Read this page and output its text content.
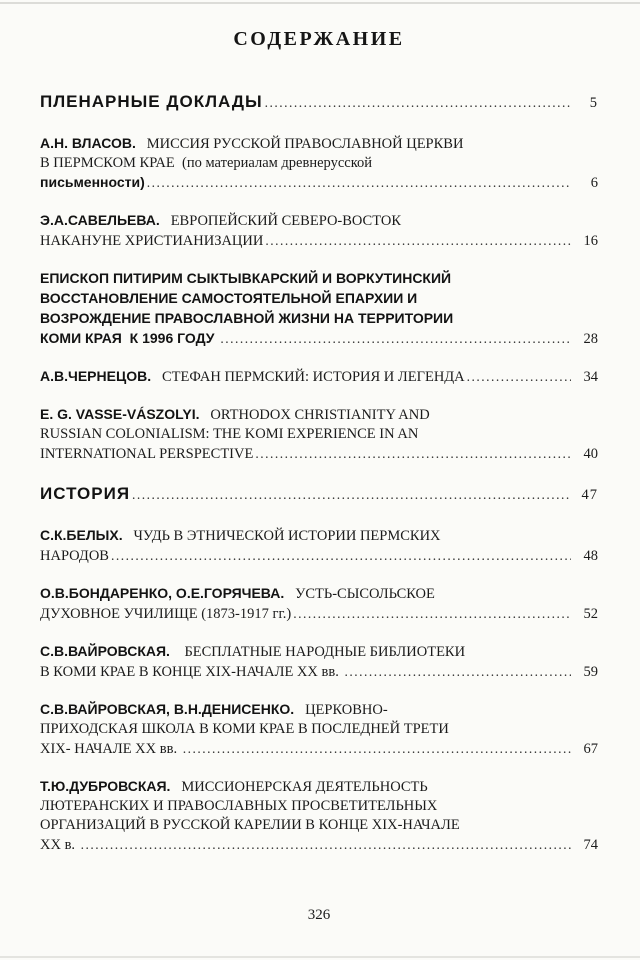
СОДЕРЖАНИЕ
ПЛЕНАРНЫЕ ДОКЛАДЫ .....	5
А.Н. ВЛАСОВ.   МИССИЯ РУССКОЙ ПРАВОСЛАВНОЙ ЦЕРКВИ
В ПЕРМСКОМ КРАЕ  (по материалам древнерусской
письменности) .....	6
Э.А.САВЕЛЬЕВА.   ЕВРОПЕЙСКИЙ СЕВЕРО-ВОСТОК
НАКАНУНЕ ХРИСТИАНИЗАЦИИ .....	16
ЕПИСКОП ПИТИРИМ СЫКТЫВКАРСКИЙ И ВОРКУТИНСКИЙ
ВОССТАНОВЛЕНИЕ САМОСТОЯТЕЛЬНОЙ ЕПАРХИИ И
ВОЗРОЖДЕНИЕ ПРАВОСЛАВНОЙ ЖИЗНИ НА ТЕРРИТОРИИ
КОМИ КРАЯ  К 1996 ГОДУ .....	28
А.В.ЧЕРНЕЦОВ.   СТЕФАН ПЕРМСКИЙ: ИСТОРИЯ И ЛЕГЕНДА .....	34
E. G. VASSE-VÁSZOLYI.   ORTHODOX CHRISTIANITY AND
RUSSIAN COLONIALISM: THE KOMI EXPERIENCE IN AN
INTERNATIONAL PERSPECTIVE .....	40
ИСТОРИЯ .....	47
С.К.БЕЛЫХ.   ЧУДЬ В ЭТНИЧЕСКОЙ ИСТОРИИ ПЕРМСКИХ
НАРОДОВ .....	48
О.В.БОНДАРЕНКО, О.Е.ГОРЯЧЕВА.   УСТЬ-СЫСОЛЬСКОЕ
ДУХОВНОЕ УЧИЛИЩЕ (1873-1917 гг.) .....	52
С.В.ВАЙРОВСКАЯ.    БЕСПЛАТНЫЕ НАРОДНЫЕ БИБЛИОТЕКИ
В КОМИ КРАЕ В КОНЦЕ XIX-НАЧАЛЕ XX вв. .....	59
С.В.ВАЙРОВСКАЯ, В.Н.ДЕНИСЕНКО.   ЦЕРКОВНО-
ПРИХОДСКАЯ ШКОЛА В КОМИ КРАЕ В ПОСЛЕДНЕЙ ТРЕТИ
XIX- НАЧАЛЕ XX вв. .....	67
Т.Ю.ДУБРОВСКАЯ.   МИССИОНЕРСКАЯ ДЕЯТЕЛЬНОСТЬ
ЛЮТЕРАНСКИХ И ПРАВОСЛАВНЫХ ПРОСВЕТИТЕЛЬНЫХ
ОРГАНИЗАЦИЙ В РУССКОЙ КАРЕЛИИ В КОНЦЕ XIX-НАЧАЛЕ
XX в. .....	74
326
